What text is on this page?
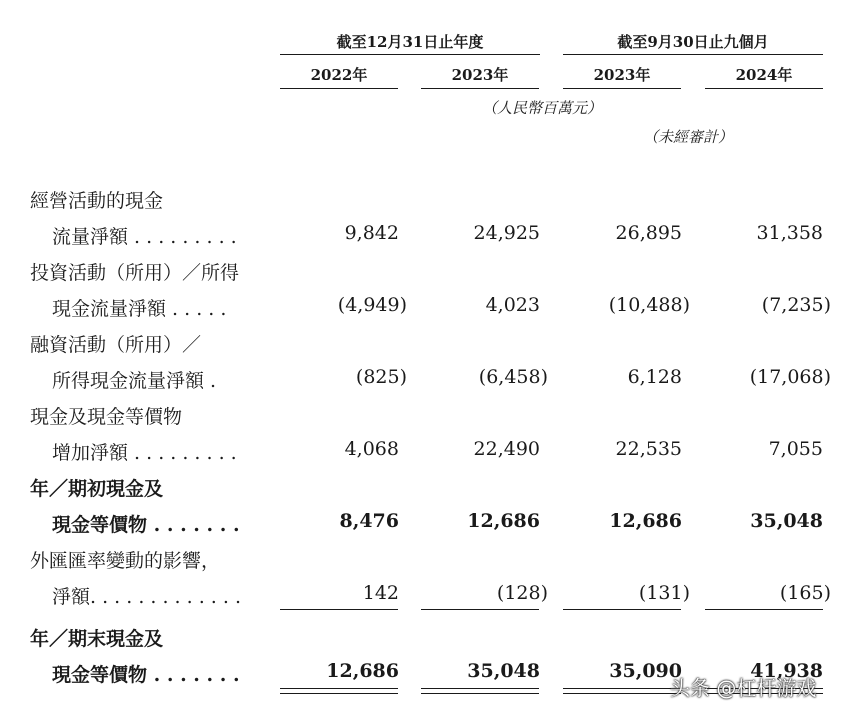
截至12月31日止年度	截至9月30日止九個月
2022年	2023年	2023年	2024年
（人民幣百萬元）
（未經審計）
經營活動的現金
流量淨額 . . . . . . . . .	9,842	24,925	26,895	31,358
投資活動（所用）／所得
現金流量淨額 . . . . .	(4,949)	4,023	(10,488)	(7,235)
融資活動（所用）／
所得現金流量淨額 .	(825)	(6,458)	6,128	(17,068)
現金及現金等價物
增加淨額 . . . . . . . . .	4,068	22,490	22,535	7,055
年／期初現金及
現金等價物 . . . . . . .	8,476	12,686	12,686	35,048
外匯匯率變動的影響，
淨額. . . . . . . . . . . . .	142	(128)	(131)	(165)
年／期末現金及
現金等價物 . . . . . . .	12,686	35,048	35,090	41,938
头条 @杠杆游戏
